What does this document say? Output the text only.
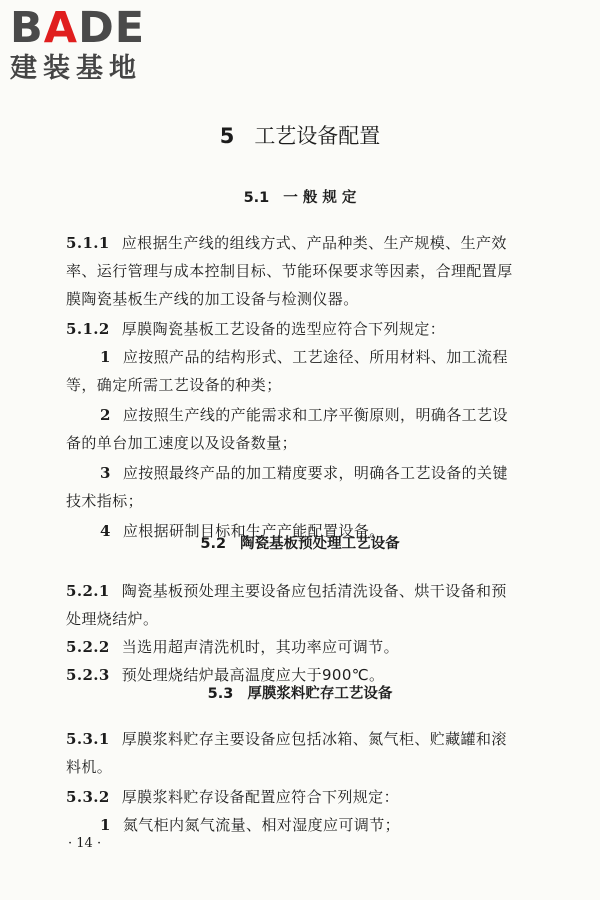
BADE
建装基地
5 工艺设备配置
5.1 一 般 规 定
5.1.1 应根据生产线的组线方式、产品种类、生产规模、生产效
率、运行管理与成本控制目标、节能环保要求等因素，合理配置厚
膜陶瓷基板生产线的加工设备与检测仪器。
5.1.2 厚膜陶瓷基板工艺设备的选型应符合下列规定：
1 应按照产品的结构形式、工艺途径、所用材料、加工流程
等，确定所需工艺设备的种类；
2 应按照生产线的产能需求和工序平衡原则，明确各工艺设
备的单台加工速度以及设备数量；
3 应按照最终产品的加工精度要求，明确各工艺设备的关键
技术指标；
4 应根据研制目标和生产产能配置设备。
5.2 陶瓷基板预处理工艺设备
5.2.1 陶瓷基板预处理主要设备应包括清洗设备、烘干设备和预
处理烧结炉。
5.2.2 当选用超声清洗机时，其功率应可调节。
5.2.3 预处理烧结炉最高温度应大于900℃。
5.3 厚膜浆料贮存工艺设备
5.3.1 厚膜浆料贮存主要设备应包括冰箱、氮气柜、贮藏罐和滚
料机。
5.3.2 厚膜浆料贮存设备配置应符合下列规定：
1 氮气柜内氮气流量、相对湿度应可调节；
· 14 ·
